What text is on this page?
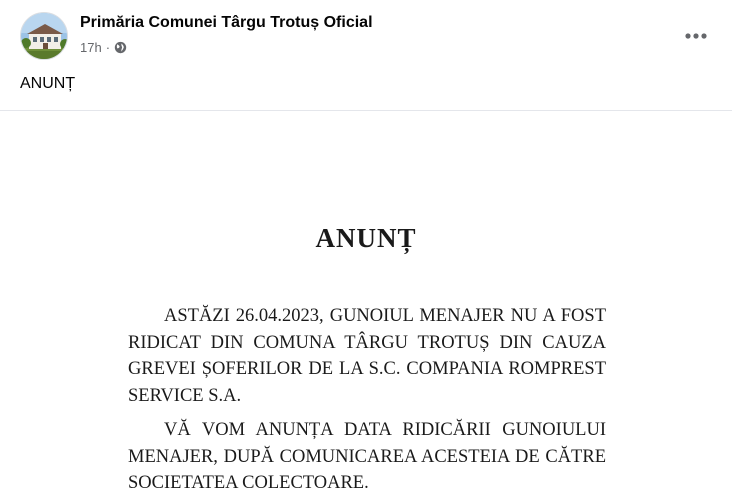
Primăria Comunei Târgu Trotuș Oficial
17h ·
ANUNȚ
ANUNȚ

ASTĂZI 26.04.2023, GUNOIUL MENAJER NU A FOST RIDICAT DIN COMUNA TÂRGU TROTUȘ DIN CAUZA GREVEI ȘOFERILOR DE LA S.C. COMPANIA ROMPREST SERVICE S.A.

VĂ VOM ANUNȚA DATA RIDICĂRII GUNOIULUI MENAJER, DUPĂ COMUNICAREA ACESTEIA DE CĂTRE SOCIETATEA COLECTOARE.
